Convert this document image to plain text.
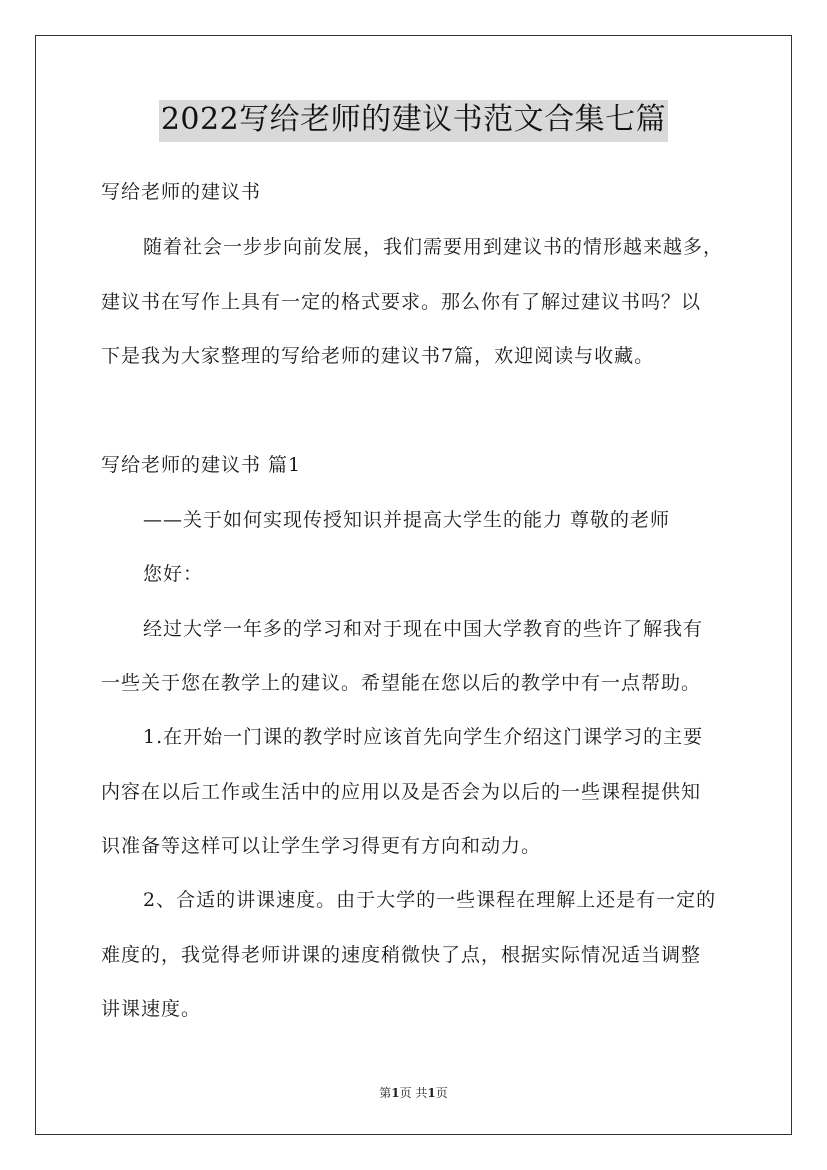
2022写给老师的建议书范文合集七篇
写给老师的建议书
随着社会一步步向前发展，我们需要用到建议书的情形越来越多，
建议书在写作上具有一定的格式要求。那么你有了解过建议书吗？以
下是我为大家整理的写给老师的建议书7篇，欢迎阅读与收藏。
写给老师的建议书 篇1
——关于如何实现传授知识并提高大学生的能力 尊敬的老师
您好：
经过大学一年多的学习和对于现在中国大学教育的些许了解我有
一些关于您在教学上的建议。希望能在您以后的教学中有一点帮助。
1.在开始一门课的教学时应该首先向学生介绍这门课学习的主要
内容在以后工作或生活中的应用以及是否会为以后的一些课程提供知
识准备等这样可以让学生学习得更有方向和动力。
2、合适的讲课速度。由于大学的一些课程在理解上还是有一定的
难度的，我觉得老师讲课的速度稍微快了点，根据实际情况适当调整
讲课速度。
第1页 共1页
